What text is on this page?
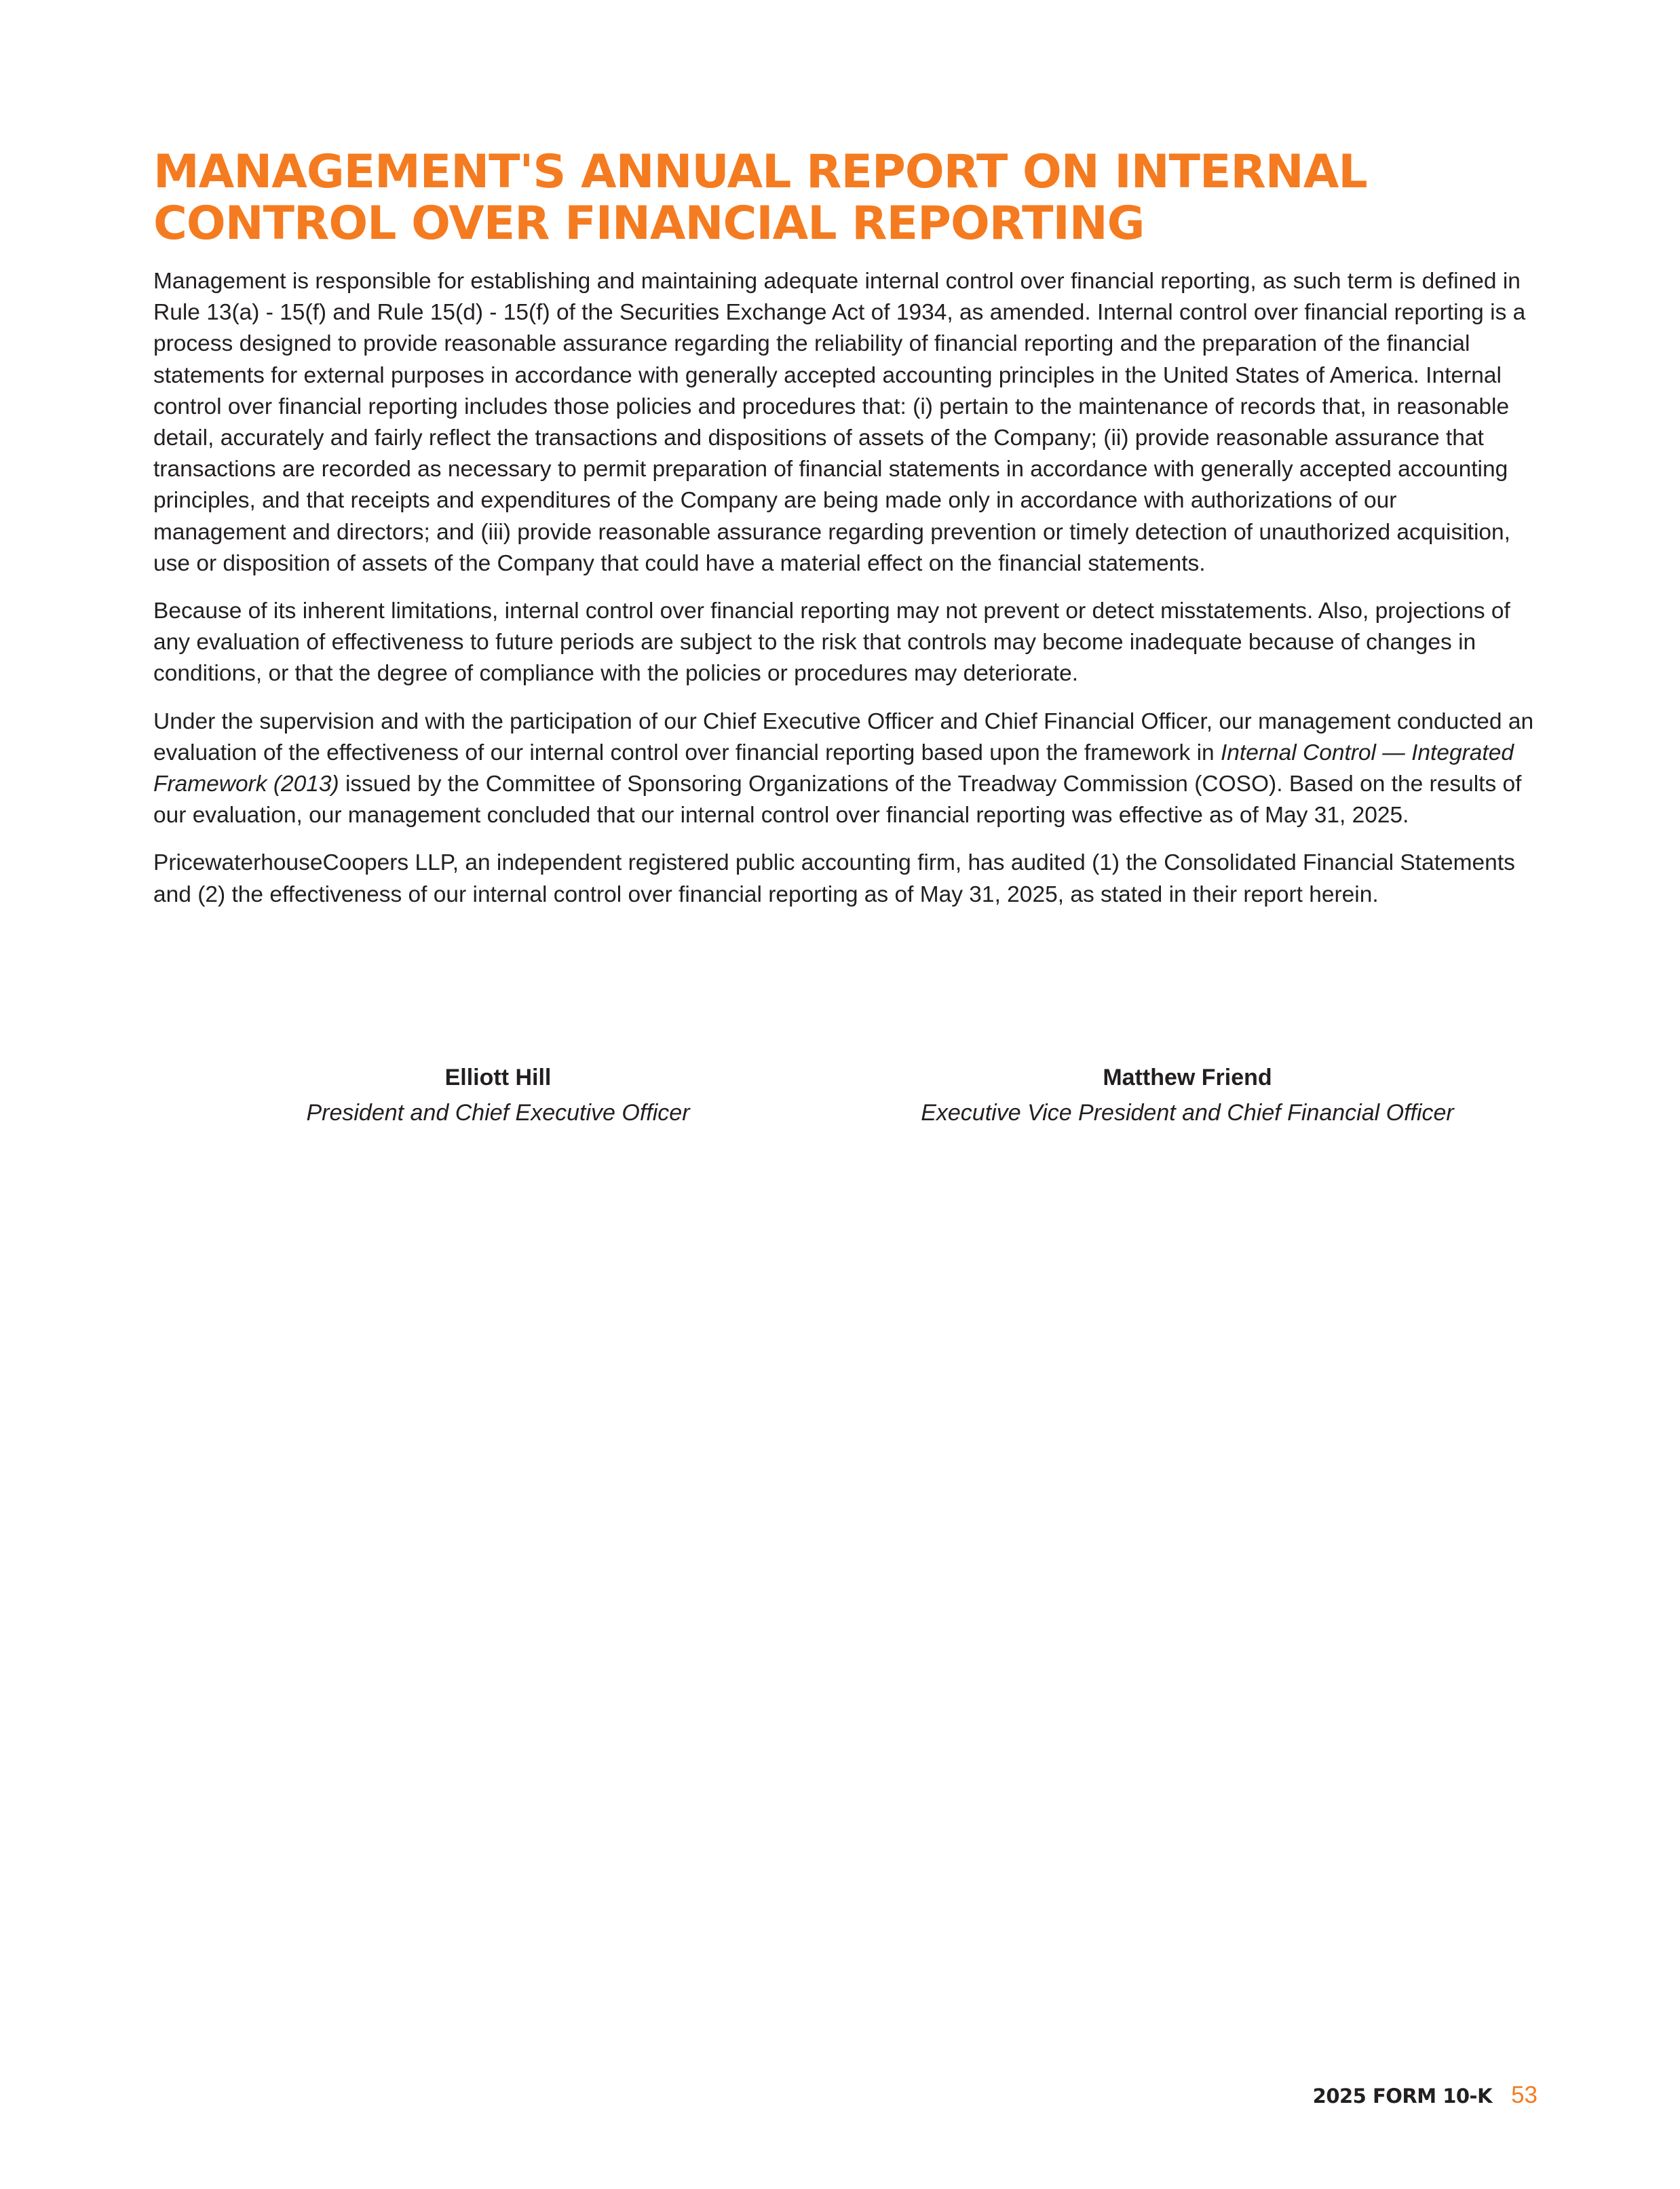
MANAGEMENT'S ANNUAL REPORT ON INTERNAL CONTROL OVER FINANCIAL REPORTING

Management is responsible for establishing and maintaining adequate internal control over financial reporting, as such term is defined in Rule 13(a) - 15(f) and Rule 15(d) - 15(f) of the Securities Exchange Act of 1934, as amended. Internal control over financial reporting is a process designed to provide reasonable assurance regarding the reliability of financial reporting and the preparation of the financial statements for external purposes in accordance with generally accepted accounting principles in the United States of America. Internal control over financial reporting includes those policies and procedures that: (i) pertain to the maintenance of records that, in reasonable detail, accurately and fairly reflect the transactions and dispositions of assets of the Company; (ii) provide reasonable assurance that transactions are recorded as necessary to permit preparation of financial statements in accordance with generally accepted accounting principles, and that receipts and expenditures of the Company are being made only in accordance with authorizations of our management and directors; and (iii) provide reasonable assurance regarding prevention or timely detection of unauthorized acquisition, use or disposition of assets of the Company that could have a material effect on the financial statements.

Because of its inherent limitations, internal control over financial reporting may not prevent or detect misstatements. Also, projections of any evaluation of effectiveness to future periods are subject to the risk that controls may become inadequate because of changes in conditions, or that the degree of compliance with the policies or procedures may deteriorate.

Under the supervision and with the participation of our Chief Executive Officer and Chief Financial Officer, our management conducted an evaluation of the effectiveness of our internal control over financial reporting based upon the framework in Internal Control — Integrated Framework (2013) issued by the Committee of Sponsoring Organizations of the Treadway Commission (COSO). Based on the results of our evaluation, our management concluded that our internal control over financial reporting was effective as of May 31, 2025.

PricewaterhouseCoopers LLP, an independent registered public accounting firm, has audited (1) the Consolidated Financial Statements and (2) the effectiveness of our internal control over financial reporting as of May 31, 2025, as stated in their report herein.

Elliott Hill
President and Chief Executive Officer
Matthew Friend
Executive Vice President and Chief Financial Officer
2025 FORM 10-K 53
